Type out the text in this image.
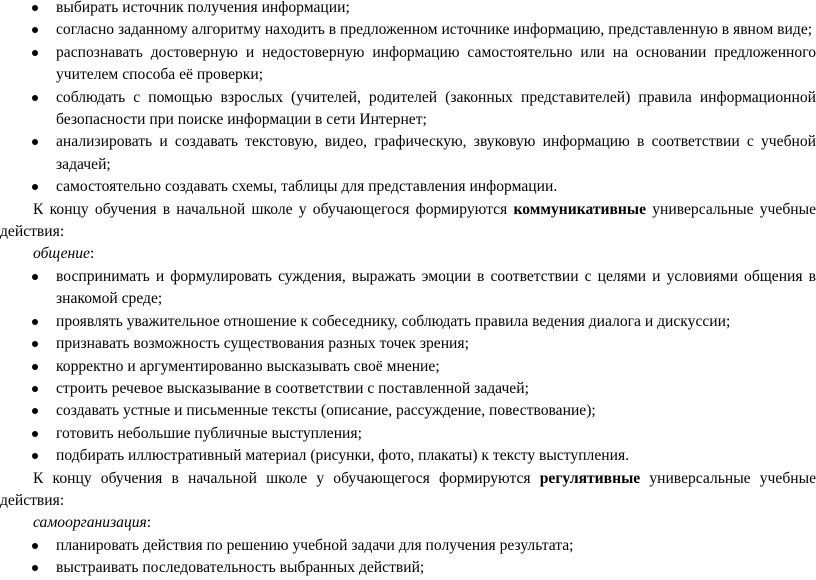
выбирать источник получения информации;
согласно заданному алгоритму находить в предложенном источнике информацию, представленную в явном виде;
распознавать достоверную и недостоверную информацию самостоятельно или на основании предложенного учителем способа её проверки;
соблюдать с помощью взрослых (учителей, родителей (законных представителей) правила информационной безопасности при поиске информации в сети Интернет;
анализировать и создавать текстовую, видео, графическую, звуковую информацию в соответствии с учебной задачей;
самостоятельно создавать схемы, таблицы для представления информации.

К концу обучения в начальной школе у обучающегося формируются коммуникативные универсальные учебные действия:

общение:

воспринимать и формулировать суждения, выражать эмоции в соответствии с целями и условиями общения в знакомой среде;
проявлять уважительное отношение к собеседнику, соблюдать правила ведения диалога и дискуссии;
признавать возможность существования разных точек зрения;
корректно и аргументированно высказывать своё мнение;
строить речевое высказывание в соответствии с поставленной задачей;
создавать устные и письменные тексты (описание, рассуждение, повествование);
готовить небольшие публичные выступления;
подбирать иллюстративный материал (рисунки, фото, плакаты) к тексту выступления.

К концу обучения в начальной школе у обучающегося формируются регулятивные универсальные учебные действия:

самоорганизация:

планировать действия по решению учебной задачи для получения результата;
выстраивать последовательность выбранных действий;
